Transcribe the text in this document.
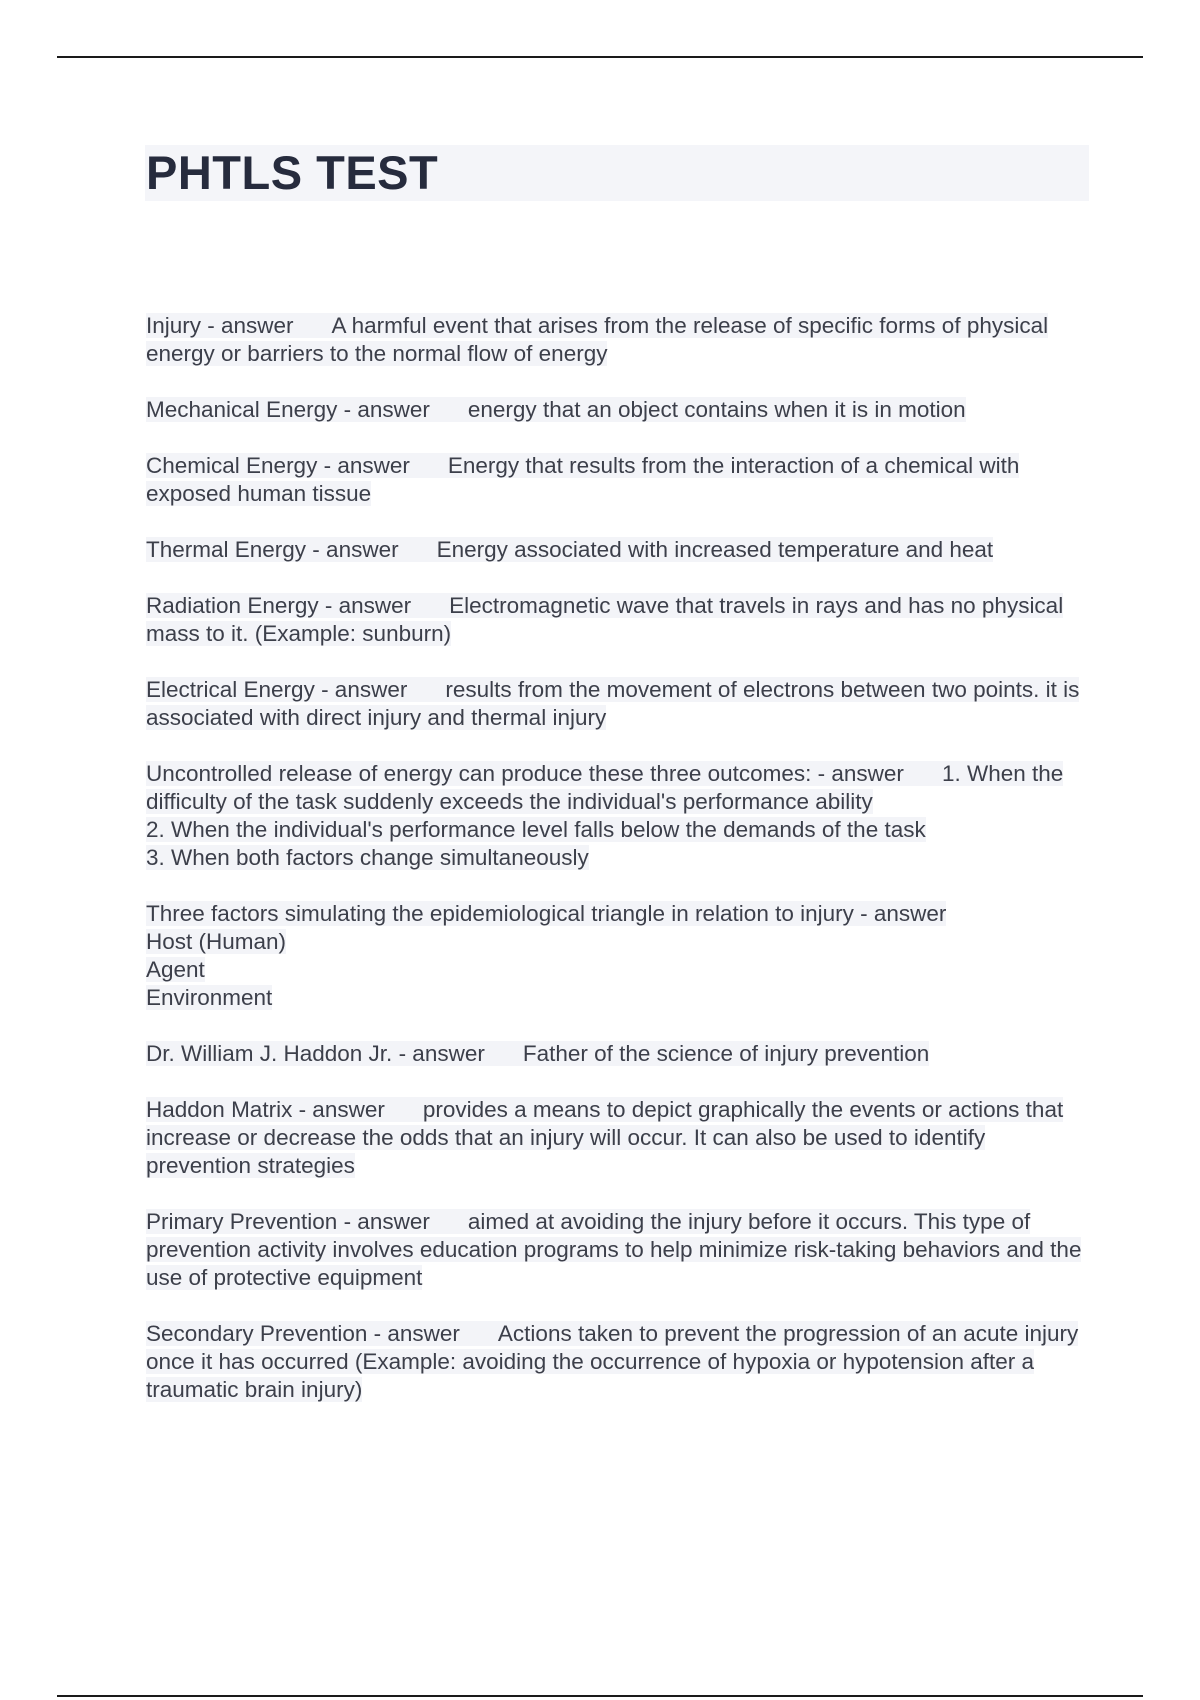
PHTLS TEST

Injury - answer A harmful event that arises from the release of specific forms of physical energy or barriers to the normal flow of energy

Mechanical Energy - answer energy that an object contains when it is in motion

Chemical Energy - answer Energy that results from the interaction of a chemical with exposed human tissue

Thermal Energy - answer Energy associated with increased temperature and heat

Radiation Energy - answer Electromagnetic wave that travels in rays and has no physical mass to it. (Example: sunburn)

Electrical Energy - answer results from the movement of electrons between two points. it is associated with direct injury and thermal injury

Uncontrolled release of energy can produce these three outcomes: - answer 1. When the difficulty of the task suddenly exceeds the individual's performance ability
2. When the individual's performance level falls below the demands of the task
3. When both factors change simultaneously

Three factors simulating the epidemiological triangle in relation to injury - answer
Host (Human)
Agent
Environment

Dr. William J. Haddon Jr. - answer Father of the science of injury prevention

Haddon Matrix - answer provides a means to depict graphically the events or actions that increase or decrease the odds that an injury will occur. It can also be used to identify prevention strategies

Primary Prevention - answer aimed at avoiding the injury before it occurs. This type of prevention activity involves education programs to help minimize risk-taking behaviors and the use of protective equipment

Secondary Prevention - answer Actions taken to prevent the progression of an acute injury once it has occurred (Example: avoiding the occurrence of hypoxia or hypotension after a traumatic brain injury)
